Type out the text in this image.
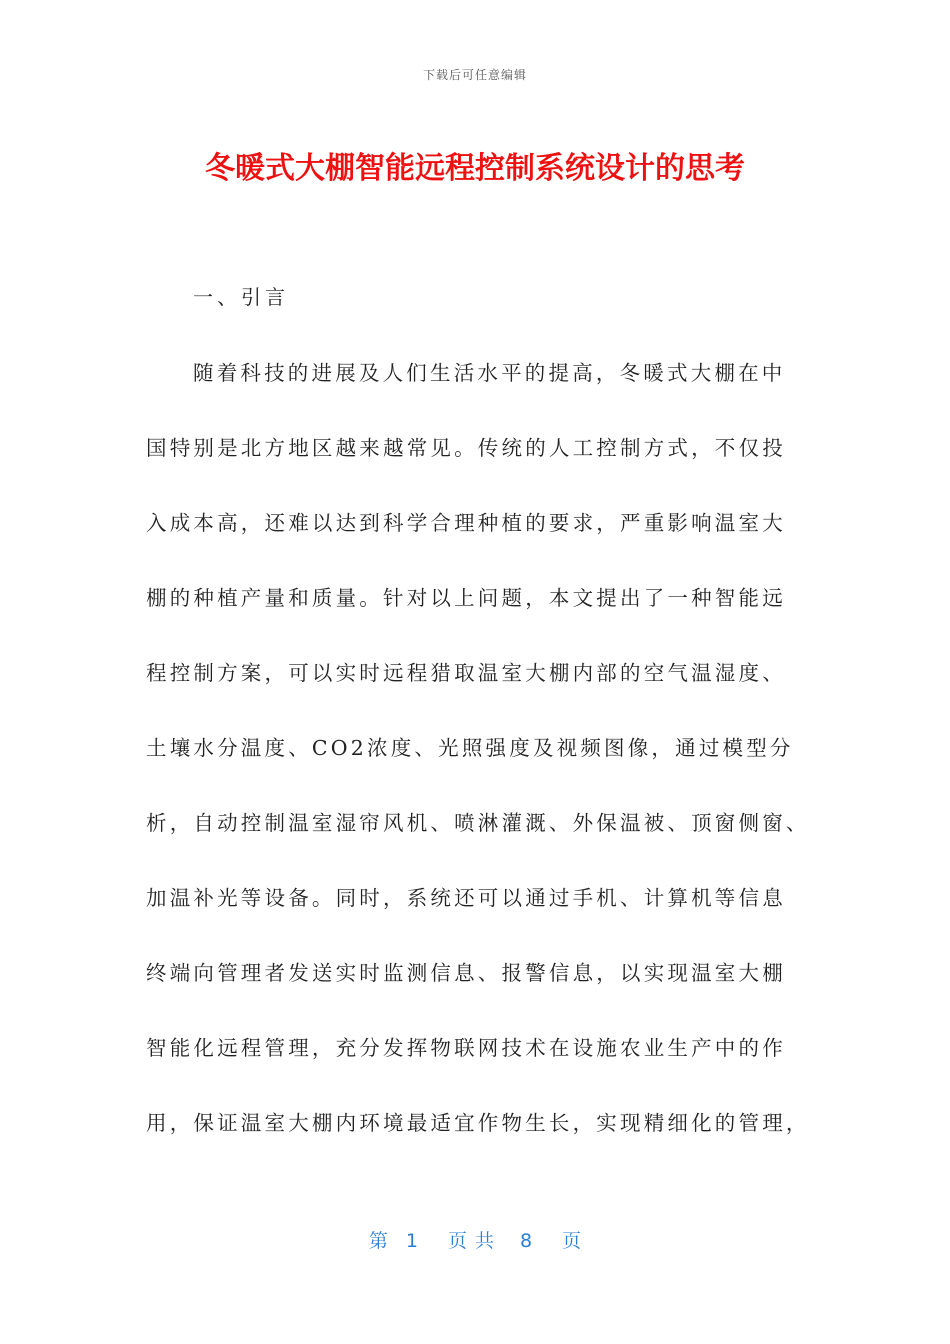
下载后可任意编辑
冬暖式大棚智能远程控制系统设计的思考
一、引言
随着科技的进展及人们生活水平的提高，冬暖式大棚在中
国特别是北方地区越来越常见。传统的人工控制方式，不仅投
入成本高，还难以达到科学合理种植的要求，严重影响温室大
棚的种植产量和质量。针对以上问题，本文提出了一种智能远
程控制方案，可以实时远程猎取温室大棚内部的空气温湿度、
土壤水分温度、CO2浓度、光照强度及视频图像，通过模型分
析，自动控制温室湿帘风机、喷淋灌溉、外保温被、顶窗侧窗、
加温补光等设备。同时，系统还可以通过手机、计算机等信息
终端向管理者发送实时监测信息、报警信息，以实现温室大棚
智能化远程管理，充分发挥物联网技术在设施农业生产中的作
用，保证温室大棚内环境最适宜作物生长，实现精细化的管理，
第 1 页共 8 页
